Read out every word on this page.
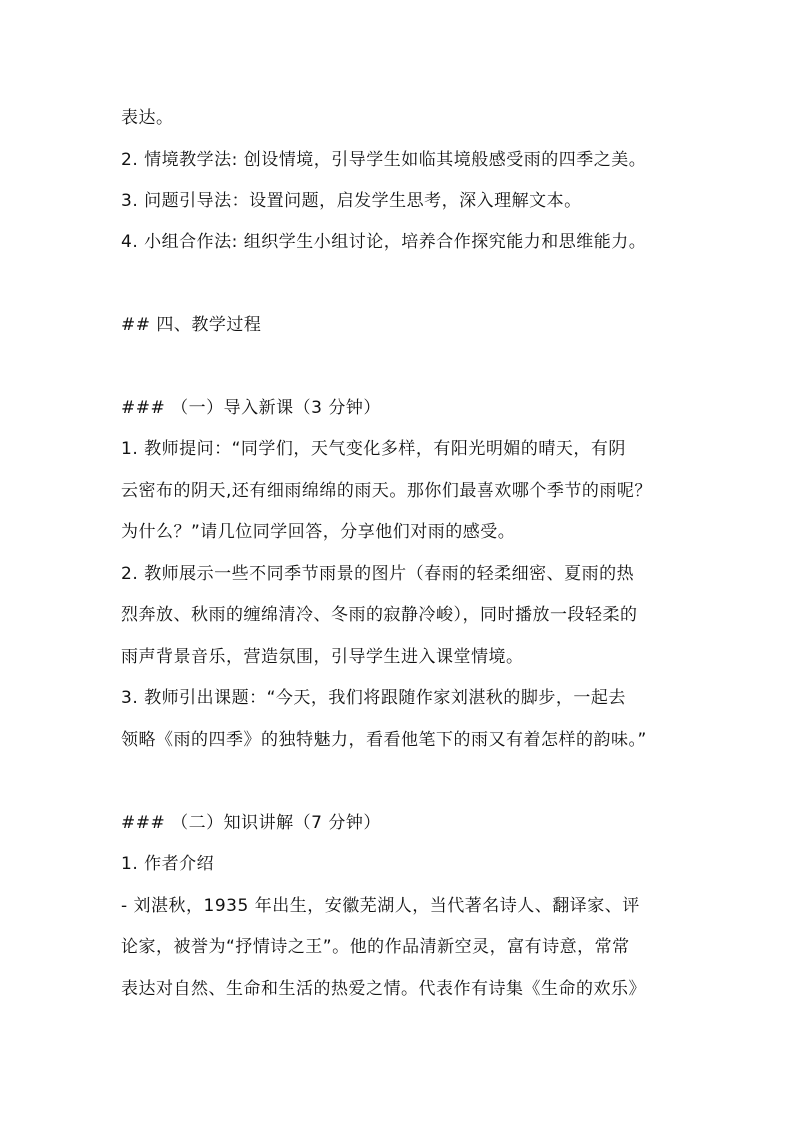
表达。
2. 情境教学法: 创设情境，引导学生如临其境般感受雨的四季之美。
3. 问题引导法：设置问题，启发学生思考，深入理解文本。
4. 小组合作法: 组织学生小组讨论，培养合作探究能力和思维能力。
## 四、教学过程
### （一）导入新课（3 分钟）
1. 教师提问：“同学们，天气变化多样，有阳光明媚的晴天，有阴
云密布的阴天,还有细雨绵绵的雨天。那你们最喜欢哪个季节的雨呢？
为什么？”请几位同学回答，分享他们对雨的感受。
2. 教师展示一些不同季节雨景的图片（春雨的轻柔细密、夏雨的热
烈奔放、秋雨的缠绵清冷、冬雨的寂静冷峻），同时播放一段轻柔的
雨声背景音乐，营造氛围，引导学生进入课堂情境。
3. 教师引出课题：“今天，我们将跟随作家刘湛秋的脚步，一起去
领略《雨的四季》的独特魅力，看看他笔下的雨又有着怎样的韵味。”
### （二）知识讲解（7 分钟）
1. 作者介绍
- 刘湛秋，1935 年出生，安徽芜湖人，当代著名诗人、翻译家、评
论家，被誉为“抒情诗之王”。他的作品清新空灵，富有诗意，常常
表达对自然、生命和生活的热爱之情。代表作有诗集《生命的欢乐》
